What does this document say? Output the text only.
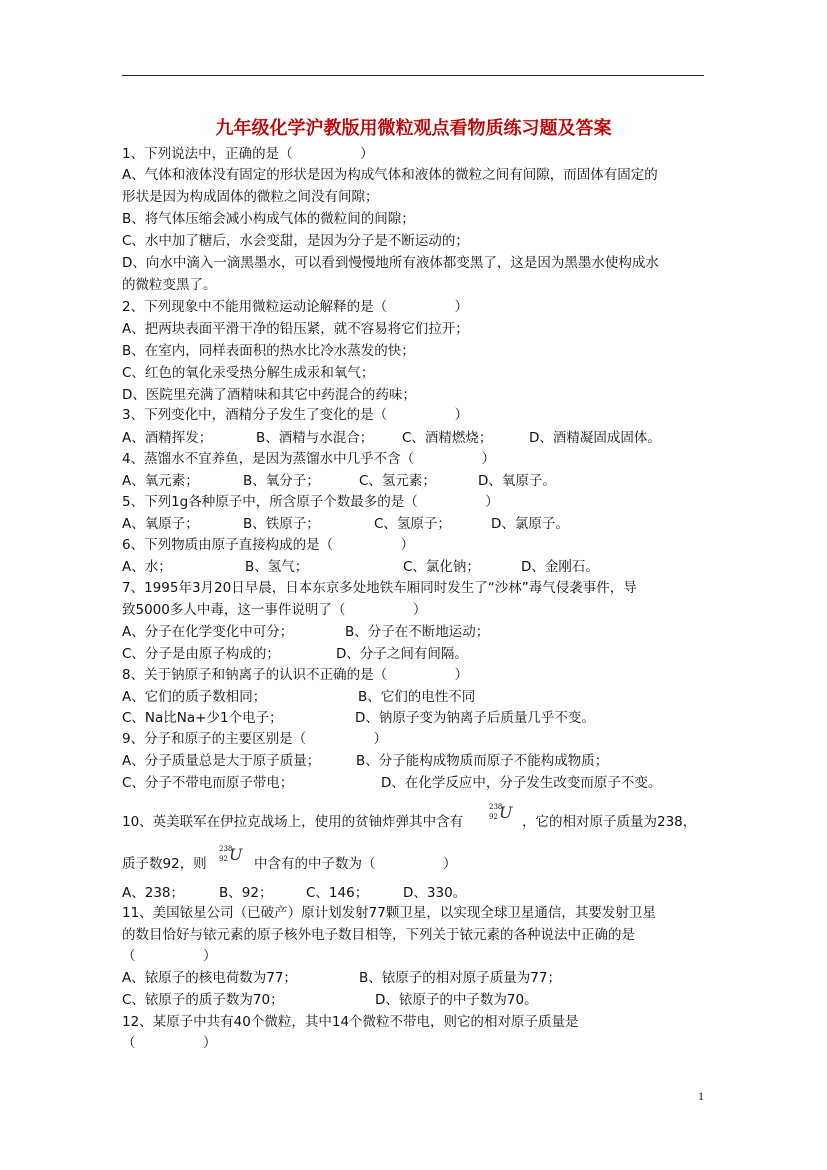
九年级化学沪教版用微粒观点看物质练习题及答案
1、下列说法中，正确的是（　　　　　）
A、气体和液体没有固定的形状是因为构成气体和液体的微粒之间有间隙，而固体有固定的
形状是因为构成固体的微粒之间没有间隙；
B、将气体压缩会减小构成气体的微粒间的间隙；
C、水中加了糖后，水会变甜，是因为分子是不断运动的；
D、向水中滴入一滴黑墨水，可以看到慢慢地所有液体都变黑了，这是因为黑墨水使构成水
的微粒变黑了。
2、下列现象中不能用微粒运动论解释的是（　　　　　）
A、把两块表面平滑干净的铅压紧，就不容易将它们拉开；
B、在室内，同样表面积的热水比冷水蒸发的快；
C、红色的氧化汞受热分解生成汞和氧气；
D、医院里充满了酒精味和其它中药混合的药味；
3、下列变化中，酒精分子发生了变化的是（　　　　　）
A、酒精挥发；	B、酒精与水混合； C、酒精燃烧；	D、酒精凝固成固体。
4、蒸馏水不宜养鱼，是因为蒸馏水中几乎不含（　　　　　）
A、氧元素；	B、氧分子；	C、氢元素；	D、氧原子。
5、下列1g各种原子中，所含原子个数最多的是（　　　　　）
A、氧原子；	B、铁原子；	C、氢原子；	D、氯原子。
6、下列物质由原子直接构成的是（　　　　　）
A、水；	B、氢气；	C、氯化钠；	D、金刚石。
7、1995年3月20日早晨，日本东京多处地铁车厢同时发生了“沙林”毒气侵袭事件，导
致5000多人中毒，这一事件说明了（　　　　　）
A、分子在化学变化中可分；	B、分子在不断地运动；
C、分子是由原子构成的；	D、分子之间有间隔。
8、关于钠原子和钠离子的认识不正确的是（　　　　　）
A、它们的质子数相同；	B、它们的电性不同
C、Na比Na+少1个电子；	D、钠原子变为钠离子后质量几乎不变。
9、分子和原子的主要区别是（　　　　　）
A、分子质量总是大于原子质量；	B、分子能构成物质而原子不能构成物质；
C、分子不带电而原子带电；	D、在化学反应中，分子发生改变而原子不变。
10、英美联军在伊拉克战场上，使用的贫铀炸弹其中含有
238
92 U ，它的相对原子质量为238，
质子数92，则
238
92 U 中含有的中子数为（　　　　　）
A、238；	B、92； C、146；	D、330。
11、美国铱星公司（已破产）原计划发射77颗卫星，以实现全球卫星通信，其要发射卫星
的数目恰好与铱元素的原子核外电子数目相等，下列关于铱元素的各种说法中正确的是
（　　　　　）
A、铱原子的核电荷数为77；	B、铱原子的相对原子质量为77；
C、铱原子的质子数为70；	D、铱原子的中子数为70。
12、某原子中共有40个微粒，其中14个微粒不带电，则它的相对原子质量是
（　　　　　）
1
